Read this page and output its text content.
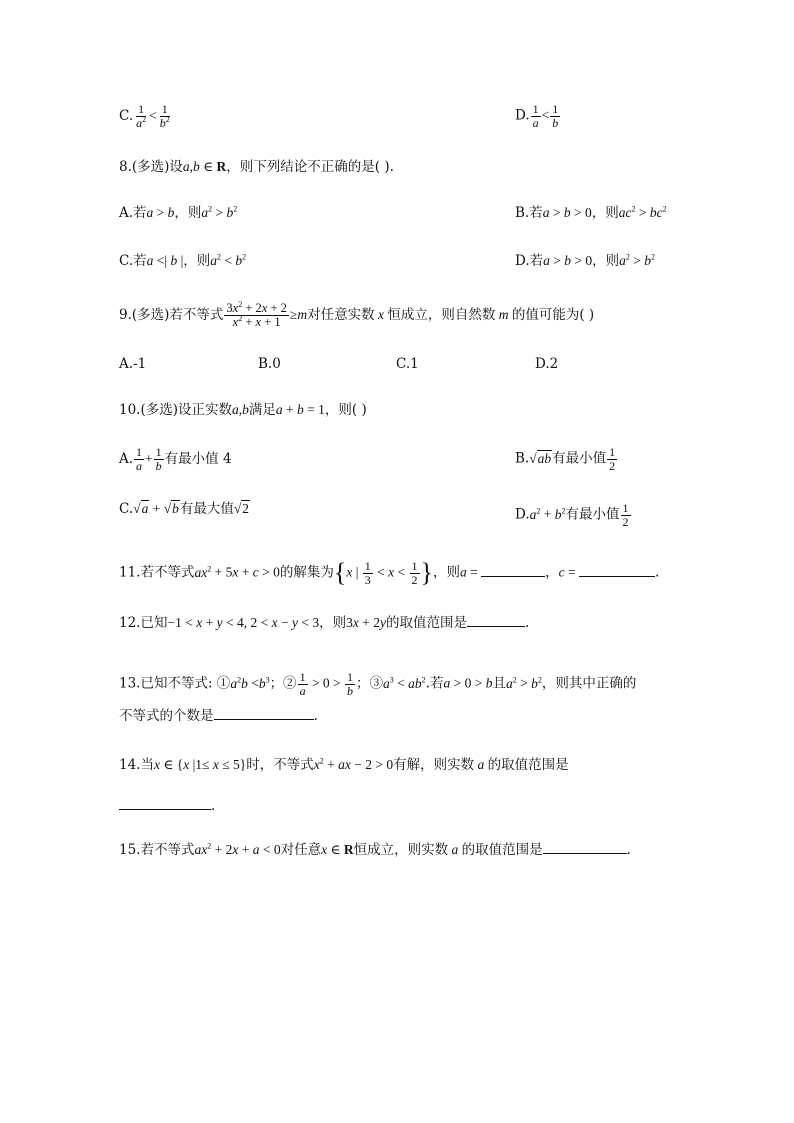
C. $\frac{1}{a^2} < \frac{1}{b^2}$	D. $\frac{1}{a} < \frac{1}{b}$
8.(多选)设a,b ∈ R，则下列结论不正确的是( ).
A.若a > b，则$a^2 > b^2$	B.若a > b > 0，则$ac^2 > bc^2$
C.若a <| b |，则$a^2 < b^2$	D.若a > b > 0，则$a^2 > b^2$
9.(多选)若不等式 $\frac{3x^2 + 2x + 2}{x^2 + x + 1} \ge m$对任意实数 x 恒成立，则自然数 m 的值可能为( )
A.-1	B.0	C.1	D.2
10.(多选)设正实数a,b满足a + b = 1，则( )
A. $\frac{1}{a} + \frac{1}{b}$ 有最小值 4	B.√ab有最小值 $\frac{1}{2}$
C.√a + √b有最大值√2	$D.a^2 + b^2$有最小值 $\frac{1}{2}$
11.若不等式$ax^2 + 5x + c > 0$的解集为{x | $\frac{1}{3} < x < \frac{1}{2}$ }，则a =	，c =	.
12.已知−1 < x + y < 4, 2 < x − y < 3，则3x + 2y的取值范围是	.
13.已知不等式: $①a^2b <b^3$；② $\frac{1}{a} > 0 > \frac{1}{b}$ ；$③a^3 < ab^2$.若a > 0 > b且$a^2 > b^2$，则其中正确的
不等式的个数是	.
14.当x ∈ {x |1≤ x ≤ 5}时，不等式$x^2$ + ax − 2 > 0有解，则实数 a 的取值范围是
.
15.若不等式$ax^2 + 2x + a < 0$对任意x ∈ R恒成立，则实数 a 的取值范围是	.
